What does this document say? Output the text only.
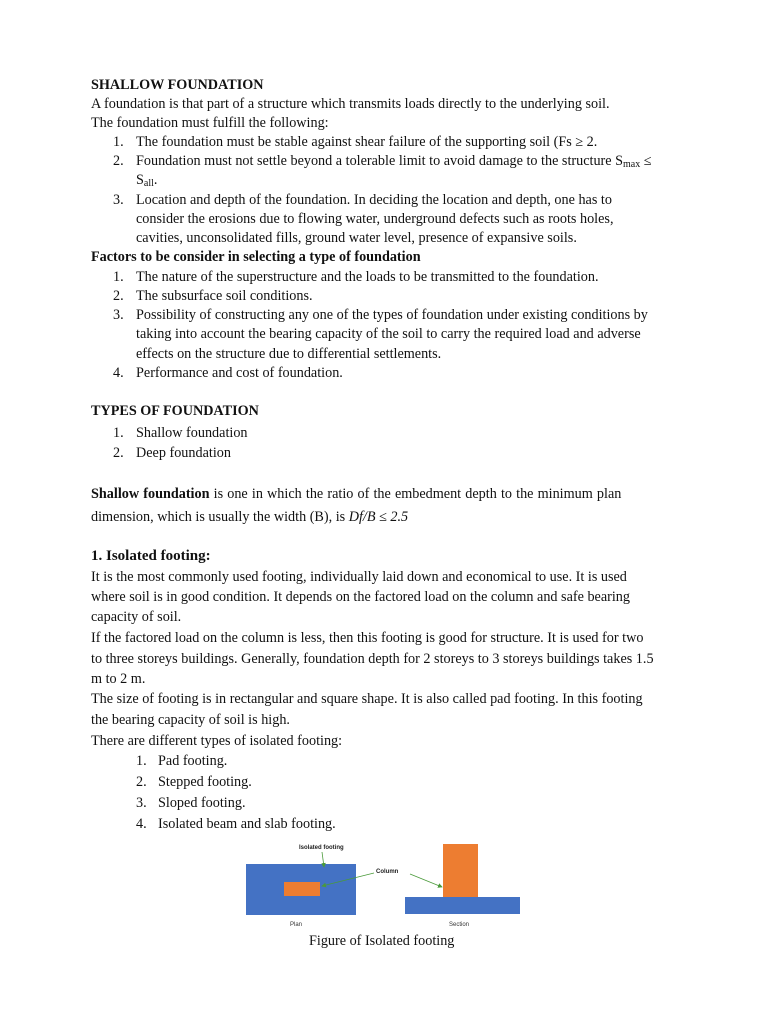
SHALLOW FOUNDATION
A foundation is that part of a structure which transmits loads directly to the underlying soil.
The foundation must fulfill the following:
1. The foundation must be stable against shear failure of the supporting soil (Fs ≥ 2.
2. Foundation must not settle beyond a tolerable limit to avoid damage to the structure $S_{max}$ ≤
$S_{all}$.
3. Location and depth of the foundation. In deciding the location and depth, one has to
consider the erosions due to flowing water, underground defects such as roots holes,
cavities, unconsolidated fills, ground water level, presence of expansive soils.
Factors to be consider in selecting a type of foundation
1. The nature of the superstructure and the loads to be transmitted to the foundation.
2. The subsurface soil conditions.
3. Possibility of constructing any one of the types of foundation under existing conditions by
taking into account the bearing capacity of the soil to carry the required load and adverse
effects on the structure due to differential settlements.
4. Performance and cost of foundation.
TYPES OF FOUNDATION
1. Shallow foundation
2. Deep foundation
Shallow foundation is one in which the ratio of the embedment depth to the minimum plan
dimension, which is usually the width (B), is Df/B ≤ 2.5
1. Isolated footing:
It is the most commonly used footing, individually laid down and economical to use. It is used
where soil is in good condition. It depends on the factored load on the column and safe bearing
capacity of soil.
If the factored load on the column is less, then this footing is good for structure. It is used for two
to three storeys buildings. Generally, foundation depth for 2 storeys to 3 storeys buildings takes 1.5
m to 2 m.
The size of footing is in rectangular and square shape. It is also called pad footing. In this footing
the bearing capacity of soil is high.
There are different types of isolated footing:
1. Pad footing.
2. Stepped footing.
3. Sloped footing.
4. Isolated beam and slab footing.
Isolated footing
Column
Plan	Section
Figure of Isolated footing
